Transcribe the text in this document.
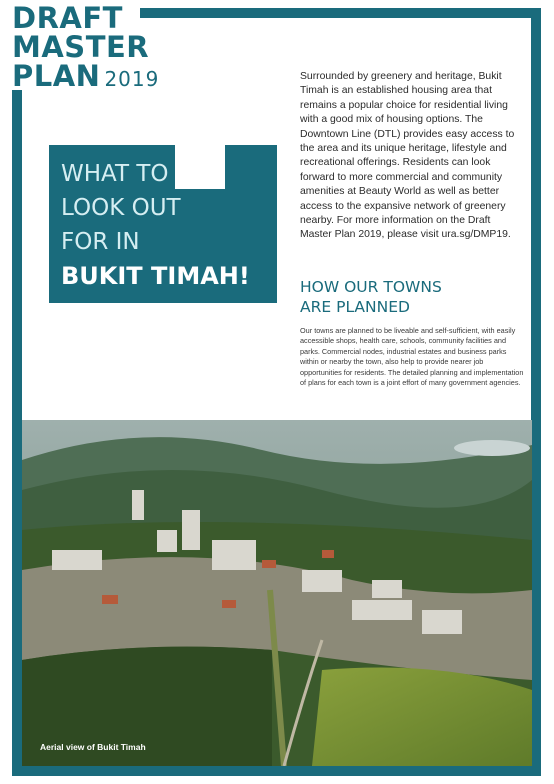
DRAFT
MASTER
PLAN 2019
WHAT TO
LOOK OUT
FOR IN
BUKIT TIMAH!
Surrounded by greenery and heritage, Bukit Timah is an established housing area that remains a popular choice for residential living with a good mix of housing options. The Downtown Line (DTL) provides easy access to the area and its unique heritage, lifestyle and recreational offerings. Residents can look forward to more commercial and community amenities at Beauty World as well as better access to the expansive network of greenery nearby. For more information on the Draft Master Plan 2019, please visit ura.sg/DMP19.
HOW OUR TOWNS
ARE PLANNED
Our towns are planned to be liveable and self-sufficient, with easily accessible shops, health care, schools, community facilities and parks. Commercial nodes, industrial estates and business parks within or nearby the town, also help to provide nearer job opportunities for residents. The detailed planning and implementation of plans for each town is a joint effort of many government agencies.
Aerial view of Bukit Timah
